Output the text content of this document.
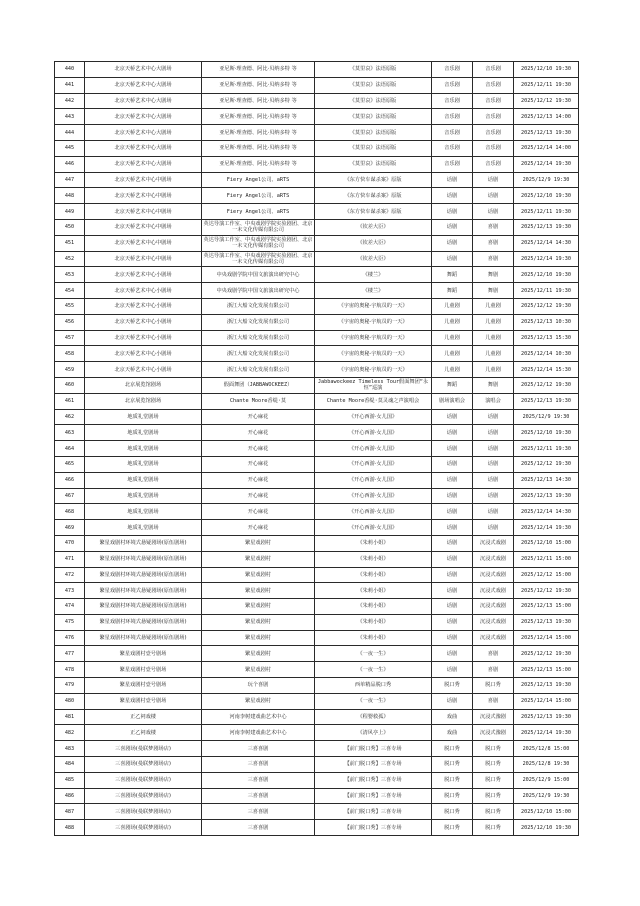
440	北京天桥艺术中心大剧场	亚尼斯·理查德、阿比·贝纳多特 等	《莫里哀》法语原版	音乐剧	音乐剧	2025/12/10 19:30
441	北京天桥艺术中心大剧场	亚尼斯·理查德、阿比·贝纳多特 等	《莫里哀》法语原版	音乐剧	音乐剧	2025/12/11 19:30
442	北京天桥艺术中心大剧场	亚尼斯·理查德、阿比·贝纳多特 等	《莫里哀》法语原版	音乐剧	音乐剧	2025/12/12 19:30
443	北京天桥艺术中心大剧场	亚尼斯·理查德、阿比·贝纳多特 等	《莫里哀》法语原版	音乐剧	音乐剧	2025/12/13 14:00
444	北京天桥艺术中心大剧场	亚尼斯·理查德、阿比·贝纳多特 等	《莫里哀》法语原版	音乐剧	音乐剧	2025/12/13 19:30
445	北京天桥艺术中心大剧场	亚尼斯·理查德、阿比·贝纳多特 等	《莫里哀》法语原版	音乐剧	音乐剧	2025/12/14 14:00
446	北京天桥艺术中心大剧场	亚尼斯·理查德、阿比·贝纳多特 等	《莫里哀》法语原版	音乐剧	音乐剧	2025/12/14 19:30
447	北京天桥艺术中心中剧场	Fiery Angel公司、aRTS	《东方快车谋杀案》原版	话剧	话剧	2025/12/9 19:30
448	北京天桥艺术中心中剧场	Fiery Angel公司、aRTS	《东方快车谋杀案》原版	话剧	话剧	2025/12/10 19:30
449	北京天桥艺术中心中剧场	Fiery Angel公司、aRTS	《东方快车谋杀案》原版	话剧	话剧	2025/12/11 19:30
450	北京天桥艺术中心中剧场	英达导演工作室、中央戏剧学院实验剧团、北京一未文化传媒有限公司	《钦差大臣》	话剧	喜剧	2025/12/13 19:30
451	北京天桥艺术中心中剧场	英达导演工作室、中央戏剧学院实验剧团、北京一未文化传媒有限公司	《钦差大臣》	话剧	喜剧	2025/12/14 14:30
452	北京天桥艺术中心中剧场	英达导演工作室、中央戏剧学院实验剧团、北京一未文化传媒有限公司	《钦差大臣》	话剧	喜剧	2025/12/14 19:30
453	北京天桥艺术中心小剧场	中央戏剧学院中国文旅演出研究中心	《楼兰》	舞蹈	舞剧	2025/12/10 19:30
454	北京天桥艺术中心小剧场	中央戏剧学院中国文旅演出研究中心	《楼兰》	舞蹈	舞剧	2025/12/11 19:30
455	北京天桥艺术中心小剧场	浙江大船文化发展有限公司	《宇宙的奥秘·宇航员的一天》	儿童剧	儿童剧	2025/12/12 19:30
456	北京天桥艺术中心小剧场	浙江大船文化发展有限公司	《宇宙的奥秘·宇航员的一天》	儿童剧	儿童剧	2025/12/13 10:30
457	北京天桥艺术中心小剧场	浙江大船文化发展有限公司	《宇宙的奥秘·宇航员的一天》	儿童剧	儿童剧	2025/12/13 15:30
458	北京天桥艺术中心小剧场	浙江大船文化发展有限公司	《宇宙的奥秘·宇航员的一天》	儿童剧	儿童剧	2025/12/14 10:30
459	北京天桥艺术中心小剧场	浙江大船文化发展有限公司	《宇宙的奥秘·宇航员的一天》	儿童剧	儿童剧	2025/12/14 15:30
460	北京展览馆剧场	假面舞团（JABBAWOCKEEZ）	Jabbawockeez Timeless Tour假面舞团“永恒”巡演	舞蹈	舞剧	2025/12/12 19:30
461	北京展览馆剧场	Chante Moore香缇·莫	Chante Moore香缇·莫灵魂之声演唱会	剧场演唱会	演唱会	2025/12/13 19:30
462	地质礼堂剧场	开心麻花	《开心西游·女儿国》	话剧	话剧	2025/12/9 19:30
463	地质礼堂剧场	开心麻花	《开心西游·女儿国》	话剧	话剧	2025/12/10 19:30
464	地质礼堂剧场	开心麻花	《开心西游·女儿国》	话剧	话剧	2025/12/11 19:30
465	地质礼堂剧场	开心麻花	《开心西游·女儿国》	话剧	话剧	2025/12/12 19:30
466	地质礼堂剧场	开心麻花	《开心西游·女儿国》	话剧	话剧	2025/12/13 14:30
467	地质礼堂剧场	开心麻花	《开心西游·女儿国》	话剧	话剧	2025/12/13 19:30
468	地质礼堂剧场	开心麻花	《开心西游·女儿国》	话剧	话剧	2025/12/14 14:30
469	地质礼堂剧场	开心麻花	《开心西游·女儿国》	话剧	话剧	2025/12/14 19:30
470	繁星戏剧村环境式悬疑剧场(原伍剧场)	繁星戏剧村	《朱莉小姐》	话剧	沉浸式戏剧	2025/12/10 15:00
471	繁星戏剧村环境式悬疑剧场(原伍剧场)	繁星戏剧村	《朱莉小姐》	话剧	沉浸式戏剧	2025/12/11 15:00
472	繁星戏剧村环境式悬疑剧场(原伍剧场)	繁星戏剧村	《朱莉小姐》	话剧	沉浸式戏剧	2025/12/12 15:00
473	繁星戏剧村环境式悬疑剧场(原伍剧场)	繁星戏剧村	《朱莉小姐》	话剧	沉浸式戏剧	2025/12/12 19:30
474	繁星戏剧村环境式悬疑剧场(原伍剧场)	繁星戏剧村	《朱莉小姐》	话剧	沉浸式戏剧	2025/12/13 15:00
475	繁星戏剧村环境式悬疑剧场(原伍剧场)	繁星戏剧村	《朱莉小姐》	话剧	沉浸式戏剧	2025/12/13 19:30
476	繁星戏剧村环境式悬疑剧场(原伍剧场)	繁星戏剧村	《朱莉小姐》	话剧	沉浸式戏剧	2025/12/14 15:00
477	繁星戏剧村壹号剧场	繁星戏剧村	《一夜一生》	话剧	喜剧	2025/12/12 19:30
478	繁星戏剧村壹号剧场	繁星戏剧村	《一夜一生》	话剧	喜剧	2025/12/13 15:00
479	繁星戏剧村壹号剧场	玩个喜剧	西单精品脱口秀	脱口秀	脱口秀	2025/12/13 19:30
480	繁星戏剧村壹号剧场	繁星戏剧村	《一夜一生》	话剧	喜剧	2025/12/14 15:00
481	正乙祠戏楼	河南李树建戏曲艺术中心	《程婴救孤》	戏曲	沉浸式豫剧	2025/12/13 19:30
482	正乙祠戏楼	河南李树建戏曲艺术中心	《清风亭上》	戏曲	沉浸式豫剧	2025/12/14 19:30
483	三喜剧场(曼联梦剧场店)	三喜喜剧	【前门脱口秀】三喜专场	脱口秀	脱口秀	2025/12/8 15:00
484	三喜剧场(曼联梦剧场店)	三喜喜剧	【前门脱口秀】三喜专场	脱口秀	脱口秀	2025/12/8 19:30
485	三喜剧场(曼联梦剧场店)	三喜喜剧	【前门脱口秀】三喜专场	脱口秀	脱口秀	2025/12/9 15:00
486	三喜剧场(曼联梦剧场店)	三喜喜剧	【前门脱口秀】三喜专场	脱口秀	脱口秀	2025/12/9 19:30
487	三喜剧场(曼联梦剧场店)	三喜喜剧	【前门脱口秀】三喜专场	脱口秀	脱口秀	2025/12/10 15:00
488	三喜剧场(曼联梦剧场店)	三喜喜剧	【前门脱口秀】三喜专场	脱口秀	脱口秀	2025/12/10 19:30
